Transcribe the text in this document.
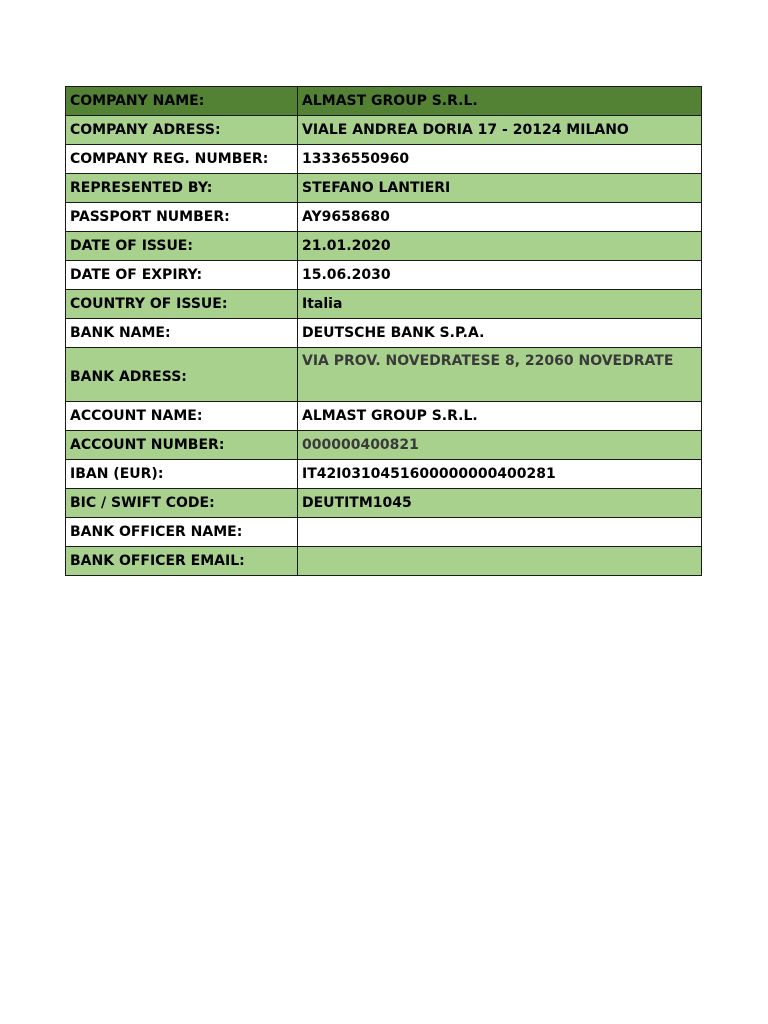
COMPANY NAME:	ALMAST GROUP S.R.L.
COMPANY ADRESS:	VIALE ANDREA DORIA 17 - 20124 MILANO
COMPANY REG. NUMBER:	13336550960
REPRESENTED BY:	STEFANO LANTIERI
PASSPORT NUMBER:	AY9658680
DATE OF ISSUE:	21.01.2020
DATE OF EXPIRY:	15.06.2030
COUNTRY OF ISSUE:	Italia
BANK NAME:	DEUTSCHE BANK S.P.A.
BANK ADRESS:	VIA PROV. NOVEDRATESE 8, 22060 NOVEDRATE
ACCOUNT NAME:	ALMAST GROUP S.R.L.
ACCOUNT NUMBER:	000000400821
IBAN (EUR):	IT42I0310451600000000400281
BIC / SWIFT CODE:	DEUTITM1045
BANK OFFICER NAME:	
BANK OFFICER EMAIL:	
